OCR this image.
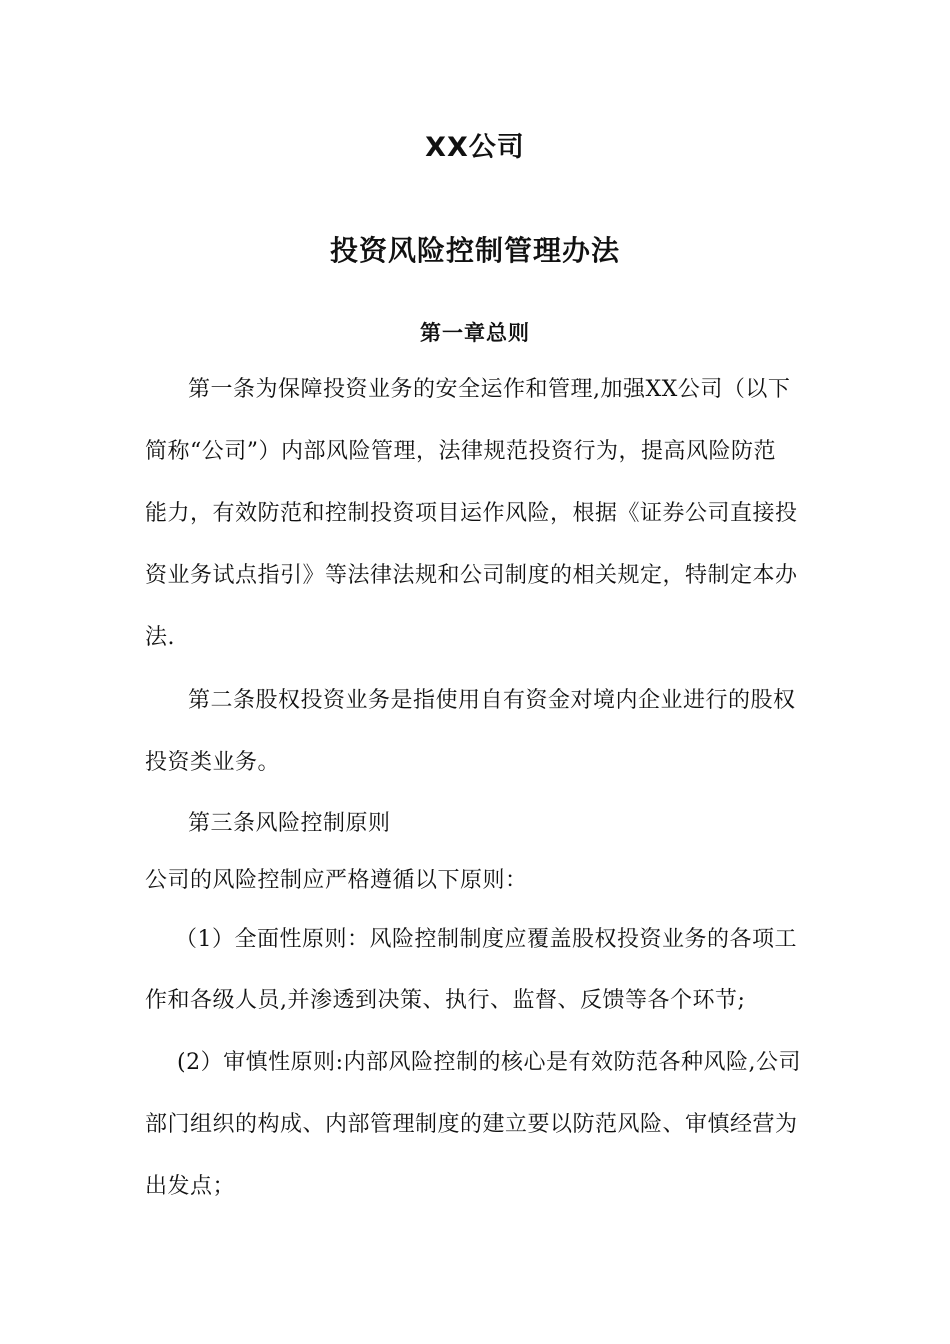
XX公司
投资风险控制管理办法
第一章总则
第一条为保障投资业务的安全运作和管理,加强XX公司（以下
简称“公司”）内部风险管理，法律规范投资行为，提高风险防范
能力，有效防范和控制投资项目运作风险，根据《证券公司直接投
资业务试点指引》等法律法规和公司制度的相关规定，特制定本办
法.
第二条股权投资业务是指使用自有资金对境内企业进行的股权
投资类业务。
第三条风险控制原则
公司的风险控制应严格遵循以下原则：
（1）全面性原则：风险控制制度应覆盖股权投资业务的各项工
作和各级人员,并渗透到决策、执行、监督、反馈等各个环节;
(2）审慎性原则:内部风险控制的核心是有效防范各种风险,公司
部门组织的构成、内部管理制度的建立要以防范风险、审慎经营为
出发点；
